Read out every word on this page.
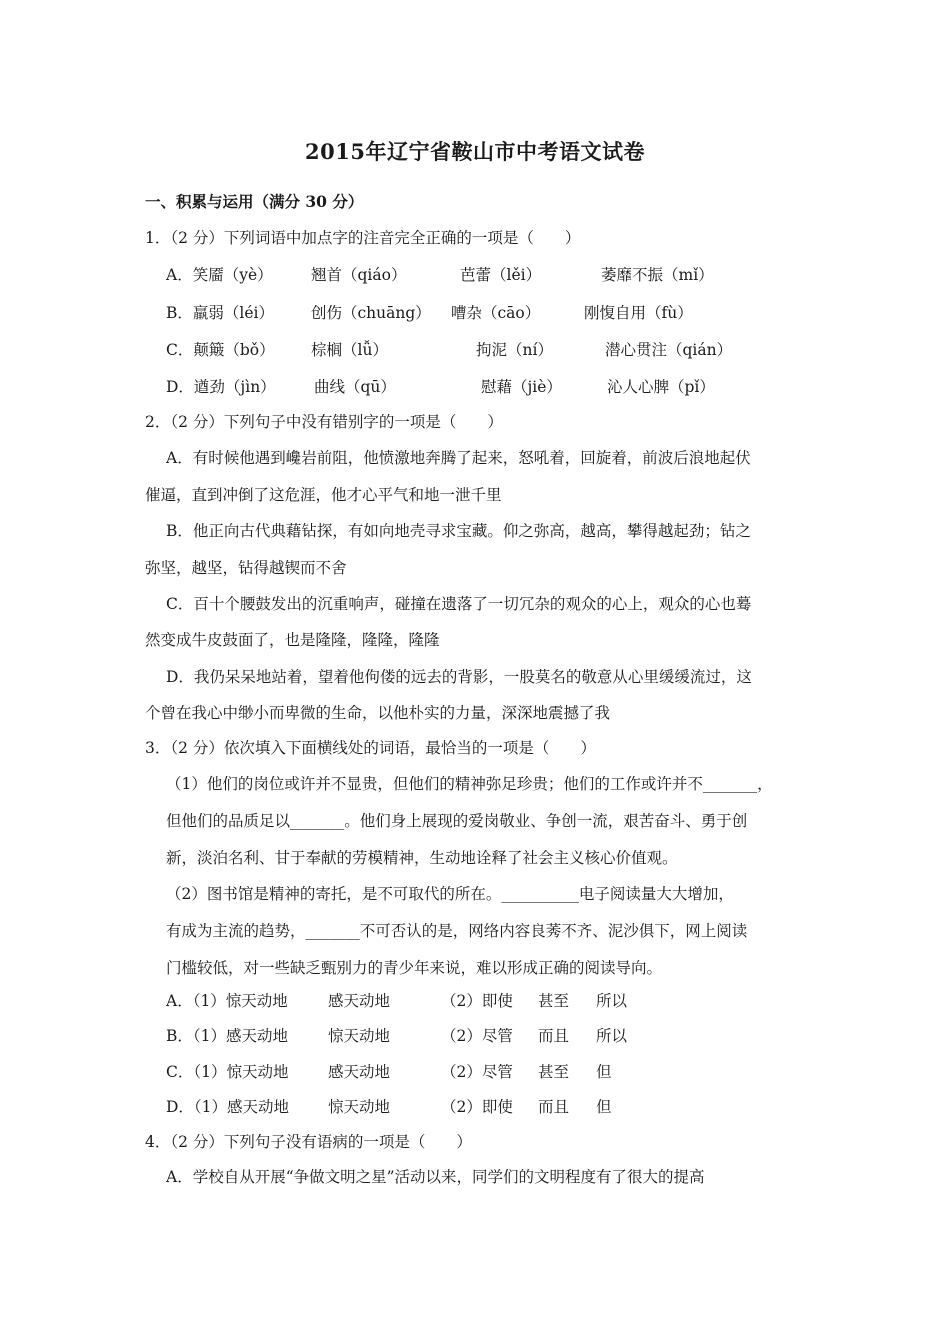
2015年辽宁省鞍山市中考语文试卷
一、积累与运用（满分 30 分）
1．（2 分）下列词语中加点字的注音完全正确的一项是（　　）
A．笑靥（yè） 翘首（qiáo）	芭蕾（lěi）	萎靡不振（mǐ）
B．羸弱（léi） 创伤（chuāng） 嘈杂（cāo）	刚愎自用（fù）
C．颠簸（bǒ） 棕榈（lǚ）	拘泥（ní）	潜心贯注（qián）
D．遒劲（jìn） 曲线（qū）	慰藉（jiè）	沁人心脾（pǐ）
2．（2 分）下列句子中没有错别字的一项是（　　）
A．有时候他遇到巉岩前阻，他愤激地奔腾了起来，怒吼着，回旋着，前波后浪地起伏
催逼，直到冲倒了这危涯，他才心平气和地一泄千里
B．他正向古代典藉钻探，有如向地壳寻求宝藏。仰之弥高，越高，攀得越起劲；钻之
弥坚，越坚，钻得越锲而不舍
C．百十个腰鼓发出的沉重响声，碰撞在遗落了一切冗杂的观众的心上，观众的心也蓦
然变成牛皮鼓面了，也是隆隆，隆隆，隆隆
D．我仍呆呆地站着，望着他佝偻的远去的背影，一股莫名的敬意从心里缓缓流过，这
个曾在我心中缈小而卑微的生命，以他朴实的力量，深深地震撼了我
3．（2 分）依次填入下面横线处的词语，最恰当的一项是（　　）
（1）他们的岗位或许并不显贵，但他们的精神弥足珍贵；他们的工作或许并不_______，
但他们的品质足以_______。他们身上展现的爱岗敬业、争创一流，艰苦奋斗、勇于创
新，淡泊名利、甘于奉献的劳模精神，生动地诠释了社会主义核心价值观。
（2）图书馆是精神的寄托，是不可取代的所在。__________电子阅读量大大增加，
有成为主流的趋势，_______不可否认的是，网络内容良莠不齐、泥沙俱下，网上阅读
门槛较低，对一些缺乏甄别力的青少年来说，难以形成正确的阅读导向。
A．（1）惊天动地	感天动地	（2）即使 甚至 所以
B．（1）感天动地	惊天动地	（2）尽管 而且 所以
C．（1）惊天动地	感天动地	（2）尽管 甚至 但
D．（1）感天动地	惊天动地	（2）即使 而且 但
4．（2 分）下列句子没有语病的一项是（　　）
A．学校自从开展“争做文明之星”活动以来，同学们的文明程度有了很大的提高
